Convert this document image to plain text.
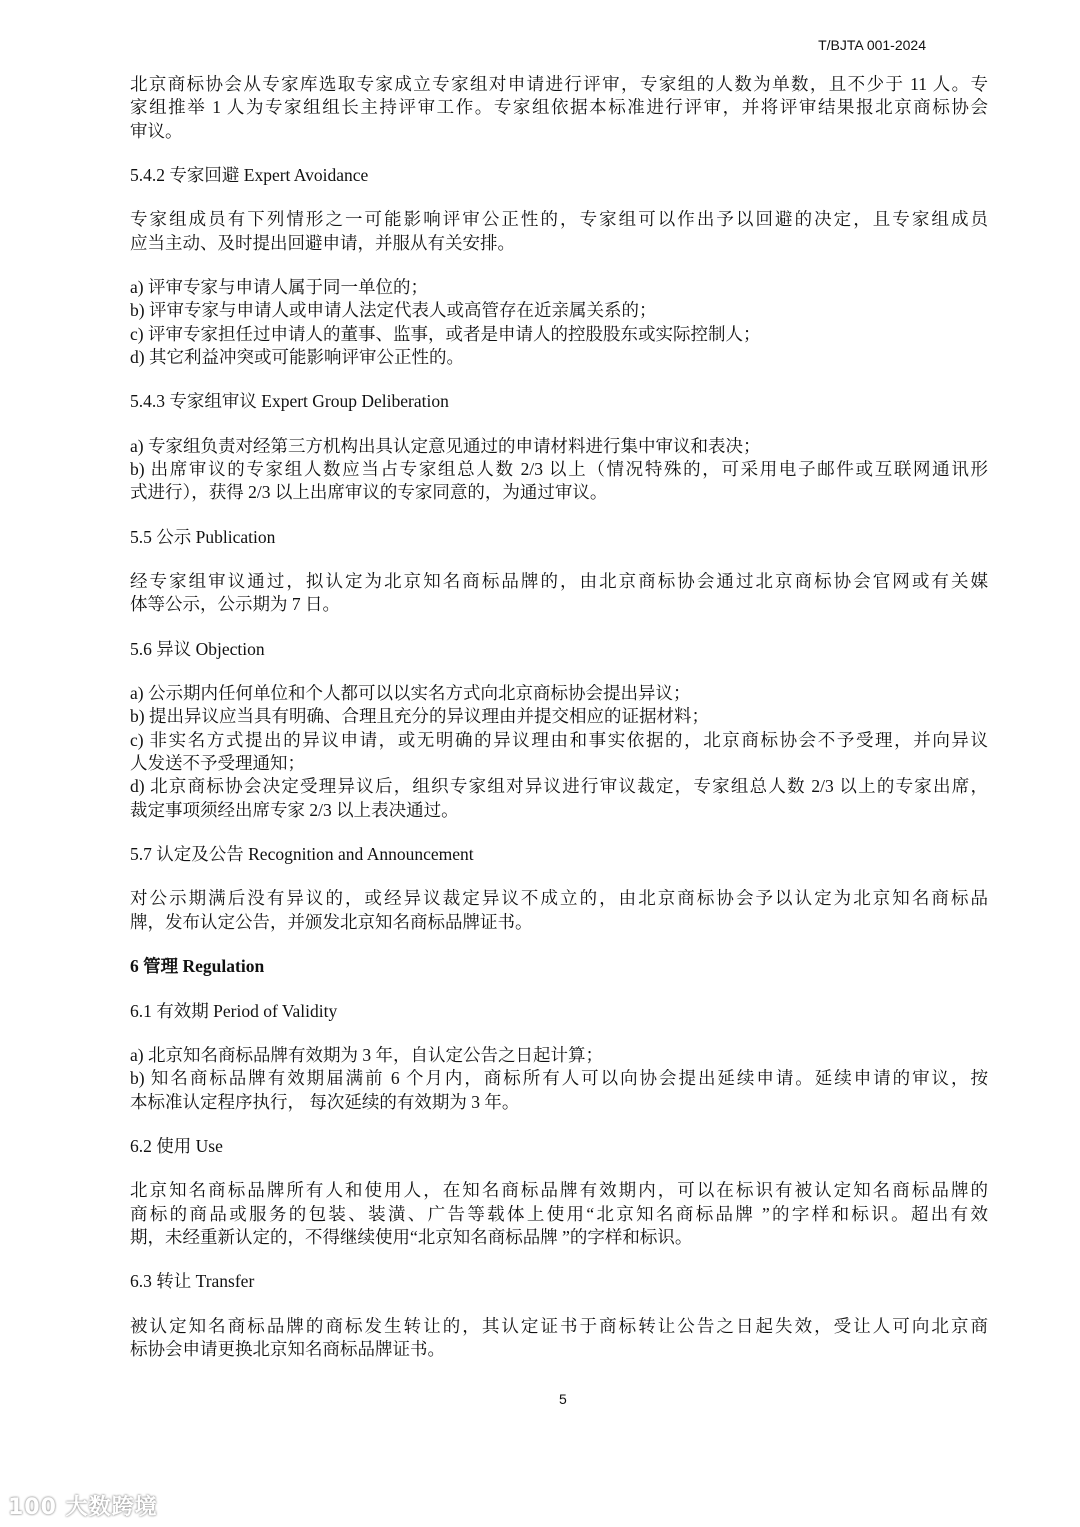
T/BJTA 001-2024
北京商标协会从专家库选取专家成立专家组对申请进行评审，专家组的人数为单数，且不少于 11 人。专
家组推举 1 人为专家组组长主持评审工作。专家组依据本标准进行评审，并将评审结果报北京商标协会
审议。
5.4.2 专家回避 Expert Avoidance
专家组成员有下列情形之一可能影响评审公正性的，专家组可以作出予以回避的决定，且专家组成员
应当主动、及时提出回避申请，并服从有关安排。
a) 评审专家与申请人属于同一单位的；
b) 评审专家与申请人或申请人法定代表人或高管存在近亲属关系的；
c) 评审专家担任过申请人的董事、监事，或者是申请人的控股股东或实际控制人；
d) 其它利益冲突或可能影响评审公正性的。
5.4.3 专家组审议 Expert Group Deliberation
a) 专家组负责对经第三方机构出具认定意见通过的申请材料进行集中审议和表决；
b) 出席审议的专家组人数应当占专家组总人数 2/3 以上（情况特殊的，可采用电子邮件或互联网通讯形
式进行），获得 2/3 以上出席审议的专家同意的，为通过审议。
5.5 公示 Publication
经专家组审议通过，拟认定为北京知名商标品牌的，由北京商标协会通过北京商标协会官网或有关媒
体等公示，公示期为 7 日。
5.6 异议 Objection
a) 公示期内任何单位和个人都可以以实名方式向北京商标协会提出异议；
b) 提出异议应当具有明确、合理且充分的异议理由并提交相应的证据材料；
c) 非实名方式提出的异议申请，或无明确的异议理由和事实依据的，北京商标协会不予受理，并向异议
人发送不予受理通知；
d) 北京商标协会决定受理异议后，组织专家组对异议进行审议裁定，专家组总人数 2/3 以上的专家出席，
裁定事项须经出席专家 2/3 以上表决通过。
5.7 认定及公告 Recognition and Announcement
对公示期满后没有异议的，或经异议裁定异议不成立的，由北京商标协会予以认定为北京知名商标品
牌，发布认定公告，并颁发北京知名商标品牌证书。
6 管理 Regulation
6.1 有效期 Period of Validity
a) 北京知名商标品牌有效期为 3 年，自认定公告之日起计算；
b) 知名商标品牌有效期届满前 6 个月内，商标所有人可以向协会提出延续申请。延续申请的审议，按
本标准认定程序执行， 每次延续的有效期为 3 年。
6.2 使用 Use
北京知名商标品牌所有人和使用人，在知名商标品牌有效期内，可以在标识有被认定知名商标品牌的
商标的商品或服务的包装、装潢、广告等载体上使用“北京知名商标品牌 ”的字样和标识。超出有效
期，未经重新认定的，不得继续使用“北京知名商标品牌 ”的字样和标识。
6.3 转让 Transfer
被认定知名商标品牌的商标发生转让的，其认定证书于商标转让公告之日起失效，受让人可向北京商
标协会申请更换北京知名商标品牌证书。
5
100 大数跨境
